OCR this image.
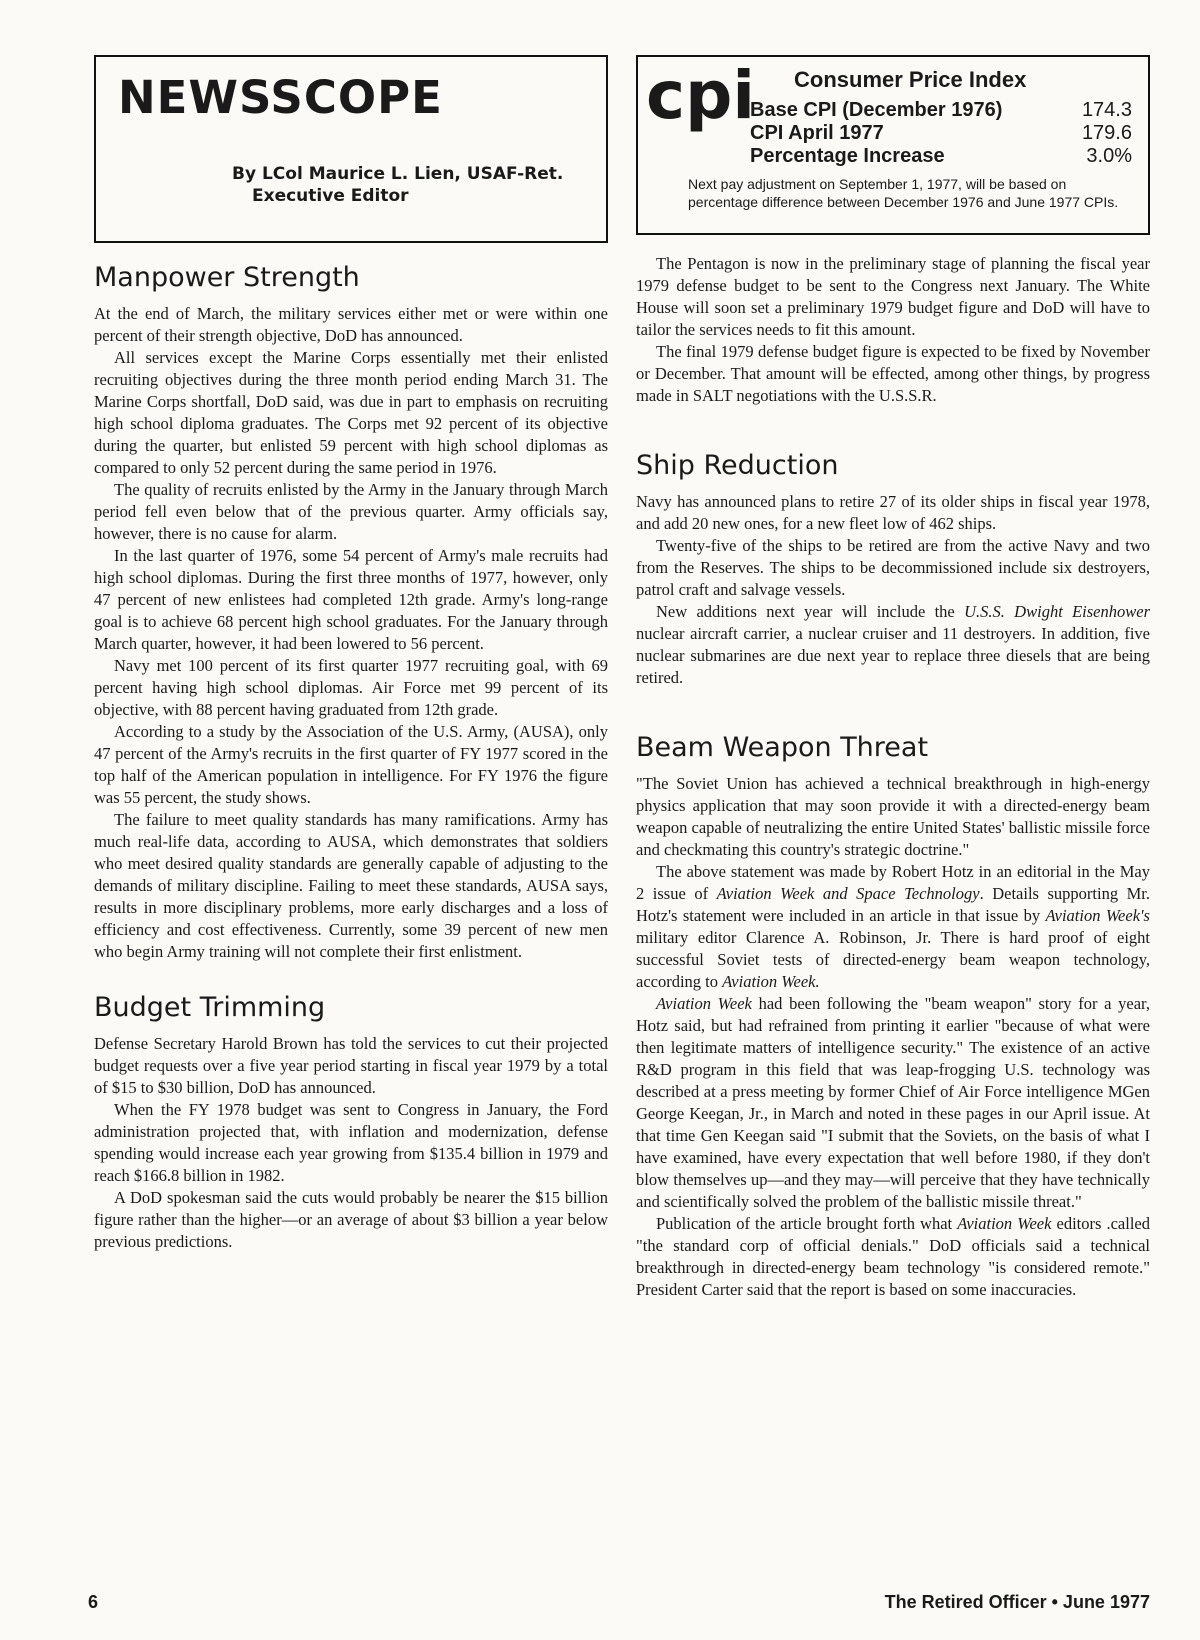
NEWSSCOPE
By LCol Maurice L. Lien, USAF-Ret.
Executive Editor
Manpower Strength

At the end of March, the military services either met or were within one percent of their strength objective, DoD has announced.

All services except the Marine Corps essentially met their enlisted recruiting objectives during the three month period ending March 31. The Marine Corps shortfall, DoD said, was due in part to emphasis on recruiting high school diploma graduates. The Corps met 92 percent of its objective during the quarter, but enlisted 59 percent with high school diplomas as compared to only 52 percent during the same period in 1976.

The quality of recruits enlisted by the Army in the January through March period fell even below that of the previous quarter. Army officials say, however, there is no cause for alarm.

In the last quarter of 1976, some 54 percent of Army's male recruits had high school diplomas. During the first three months of 1977, however, only 47 percent of new enlistees had completed 12th grade. Army's long-range goal is to achieve 68 percent high school graduates. For the January through March quarter, however, it had been lowered to 56 percent.

Navy met 100 percent of its first quarter 1977 recruiting goal, with 69 percent having high school diplomas. Air Force met 99 percent of its objective, with 88 percent having graduated from 12th grade.

According to a study by the Association of the U.S. Army, (AUSA), only 47 percent of the Army's recruits in the first quarter of FY 1977 scored in the top half of the American population in intelligence. For FY 1976 the figure was 55 percent, the study shows.

The failure to meet quality standards has many ramifications. Army has much real-life data, according to AUSA, which demonstrates that soldiers who meet desired quality standards are generally capable of adjusting to the demands of military discipline. Failing to meet these standards, AUSA says, results in more disciplinary problems, more early discharges and a loss of efficiency and cost effectiveness. Currently, some 39 percent of new men who begin Army training will not complete their first enlistment.

Budget Trimming

Defense Secretary Harold Brown has told the services to cut their projected budget requests over a five year period starting in fiscal year 1979 by a total of $15 to $30 billion, DoD has announced.

When the FY 1978 budget was sent to Congress in January, the Ford administration projected that, with inflation and modernization, defense spending would increase each year growing from $135.4 billion in 1979 and reach $166.8 billion in 1982.

A DoD spokesman said the cuts would probably be nearer the $15 billion figure rather than the higher—or an average of about $3 billion a year below previous predictions.

cpi Consumer Price Index
Base CPI (December 1976)	174.3
CPI April 1977	179.6
Percentage Increase	3.0%
Next pay adjustment on September 1, 1977, will be based on percentage difference between December 1976 and June 1977 CPIs.

The Pentagon is now in the preliminary stage of planning the fiscal year 1979 defense budget to be sent to the Congress next January. The White House will soon set a preliminary 1979 budget figure and DoD will have to tailor the services needs to fit this amount.

The final 1979 defense budget figure is expected to be fixed by November or December. That amount will be effected, among other things, by progress made in SALT negotiations with the U.S.S.R.

Ship Reduction

Navy has announced plans to retire 27 of its older ships in fiscal year 1978, and add 20 new ones, for a new fleet low of 462 ships.

Twenty-five of the ships to be retired are from the active Navy and two from the Reserves. The ships to be decommissioned include six destroyers, patrol craft and salvage vessels.

New additions next year will include the U.S.S. Dwight Eisenhower nuclear aircraft carrier, a nuclear cruiser and 11 destroyers. In addition, five nuclear submarines are due next year to replace three diesels that are being retired.

Beam Weapon Threat

"The Soviet Union has achieved a technical breakthrough in high-energy physics application that may soon provide it with a directed-energy beam weapon capable of neutralizing the entire United States' ballistic missile force and checkmating this country's strategic doctrine."

The above statement was made by Robert Hotz in an editorial in the May 2 issue of Aviation Week and Space Technology. Details supporting Mr. Hotz's statement were included in an article in that issue by Aviation Week's military editor Clarence A. Robinson, Jr. There is hard proof of eight successful Soviet tests of directed-energy beam weapon technology, according to Aviation Week.

Aviation Week had been following the "beam weapon" story for a year, Hotz said, but had refrained from printing it earlier "because of what were then legitimate matters of intelligence security." The existence of an active R&D program in this field that was leap-frogging U.S. technology was described at a press meeting by former Chief of Air Force intelligence MGen George Keegan, Jr., in March and noted in these pages in our April issue. At that time Gen Keegan said "I submit that the Soviets, on the basis of what I have examined, have every expectation that well before 1980, if they don't blow themselves up—and they may—will perceive that they have technically and scientifically solved the problem of the ballistic missile threat."

Publication of the article brought forth what Aviation Week editors .called "the standard corp of official denials." DoD officials said a technical breakthrough in directed-energy beam technology "is considered remote." President Carter said that the report is based on some inaccuracies.

6	The Retired Officer • June 1977
